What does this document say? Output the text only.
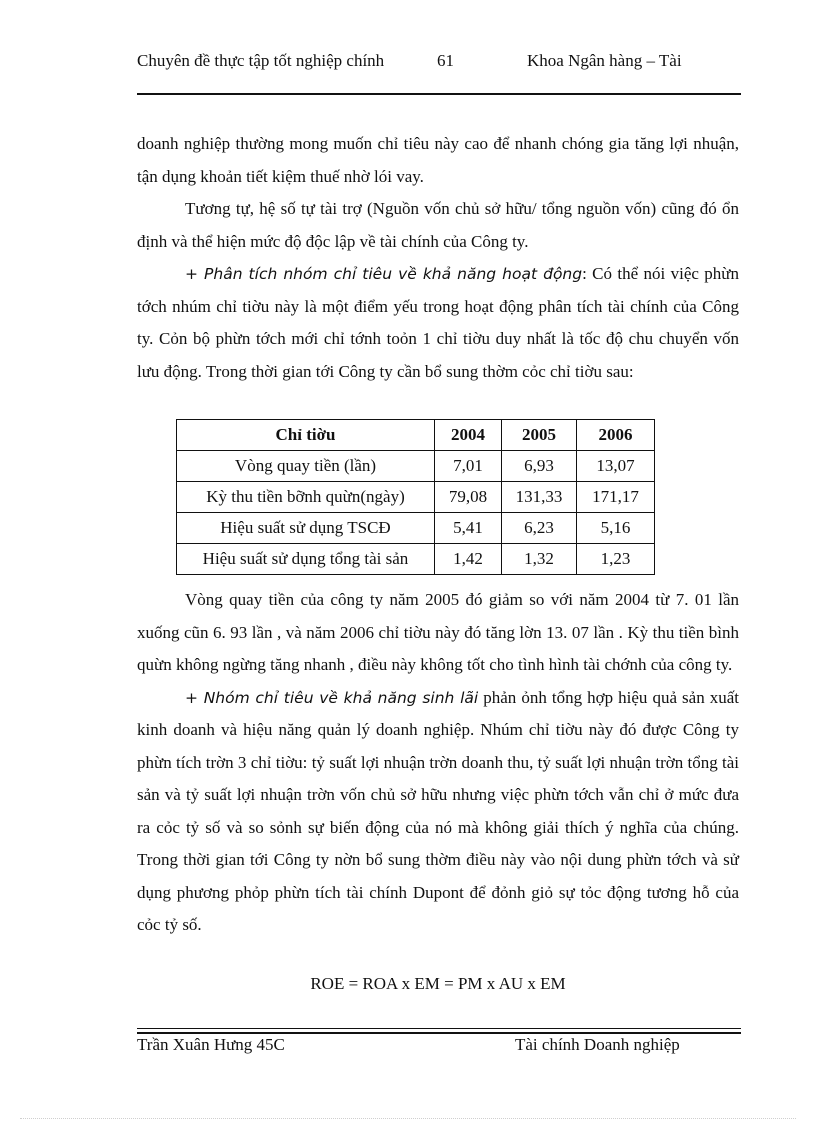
Chuyên đề thực tập tốt nghiệp chính	61	Khoa Ngân hàng – Tài

doanh nghiệp thường mong muốn chỉ tiêu này cao để nhanh chóng gia tăng lợi nhuận, tận dụng khoản tiết kiệm thuế nhờ lói vay.

Tương tự, hệ số tự tài trợ (Nguồn vốn chủ sở hữu/ tổng nguồn vốn) cũng đó ổn định và thể hiện mức độ độc lập về tài chính của Công ty.

+ Phân tích nhóm chỉ tiêu về khả năng hoạt động: Có thể nói việc phừn tớch nhúm chỉ tiờu này là một điểm yếu trong hoạt động phân tích tài chính của Công ty. Cỏn bộ phừn tớch mới chỉ tớnh toỏn 1 chỉ tiờu duy nhất là tốc độ chu chuyển vốn lưu động. Trong thời gian tới Công ty cần bổ sung thờm cỏc chỉ tiờu sau:

Chỉ tiờu	2004	2005	2006
Vòng quay tiền (lần)	7,01	6,93	13,07
Kỳ thu tiền bỡnh quừn(ngày)	79,08	131,33	171,17
Hiệu suất sử dụng TSCĐ	5,41	6,23	5,16
Hiệu suất sử dụng tổng tài sản	1,42	1,32	1,23

Vòng quay tiền của công ty năm 2005 đó giảm so với năm 2004 từ 7. 01 lần xuống cũn 6. 93 lần , và năm 2006 chỉ tiờu này đó tăng lờn 13. 07 lần . Kỳ thu tiền bình quừn không ngừng tăng nhanh , điều này không tốt cho tình hình tài chớnh của công ty.

+ Nhóm chỉ tiêu về khả năng sinh lãi phản ỏnh tổng hợp hiệu quả sản xuất kinh doanh và hiệu năng quản lý doanh nghiệp. Nhúm chỉ tiờu này đó được Công ty phừn tích trờn 3 chỉ tiờu: tỷ suất lợi nhuận trờn doanh thu, tỷ suất lợi nhuận trờn tổng tài sản và tỷ suất lợi nhuận trờn vốn chủ sở hữu nhưng việc phừn tớch vẫn chỉ ở mức đưa ra cỏc tỷ số và so sỏnh sự biến động của nó mà không giải thích ý nghĩa của chúng. Trong thời gian tới Công ty nờn bổ sung thờm điều này vào nội dung phừn tớch và sử dụng phương phỏp phừn tích tài chính Dupont để đỏnh giỏ sự tỏc động tương hỗ của cỏc tỷ số.

ROE = ROA x EM = PM x AU x EM
Trần Xuân Hưng 45C	Tài chính Doanh nghiệp
